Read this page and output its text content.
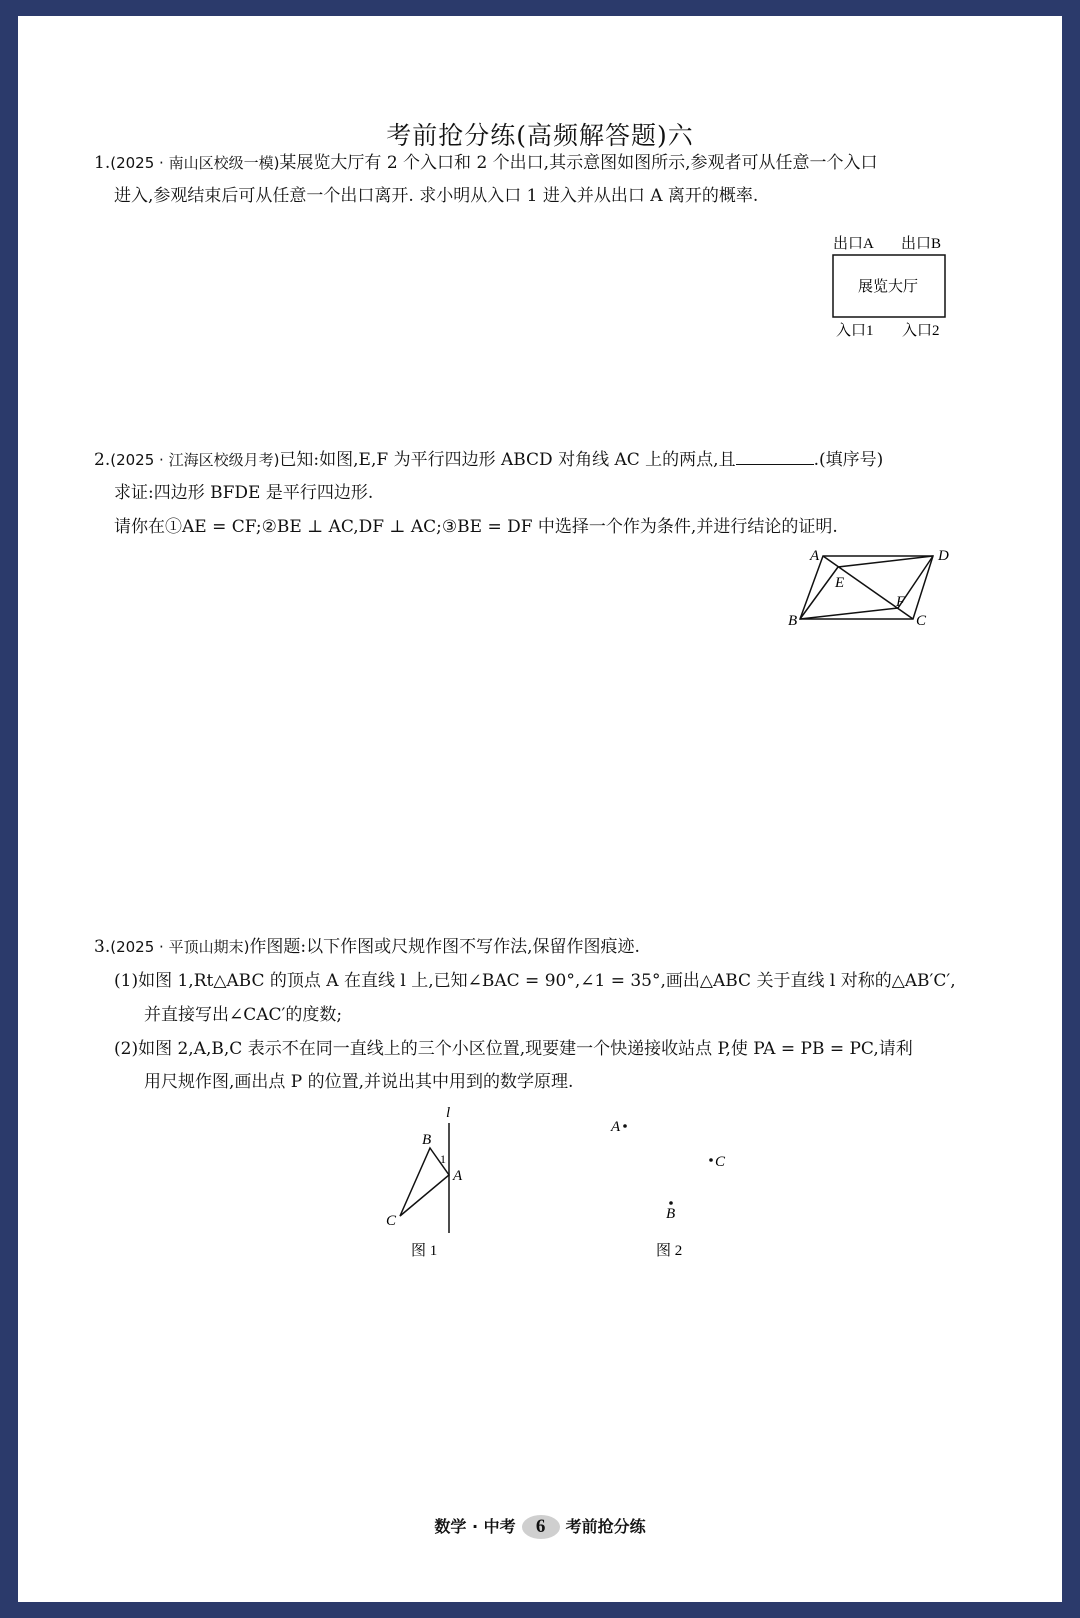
考前抢分练(高频解答题)六
1.(2025 · 南山区校级一模)某展览大厅有 2 个入口和 2 个出口,其示意图如图所示,参观者可从任意一个入口
进入,参观结束后可从任意一个出口离开. 求小明从入口 1 进入并从出口 A 离开的概率.
出口A 出口B
展览大厅
入口1 入口2
2.(2025 · 江海区校级月考)已知:如图,E,F 为平行四边形 ABCD 对角线 AC 上的两点,且	.(填序号)
求证:四边形 BFDE 是平行四边形.
请你在①AE = CF;②BE ⊥ AC,DF ⊥ AC;③BE = DF 中选择一个作为条件,并进行结论的证明.
A	D
E
F
B	C
3.(2025 · 平顶山期末)作图题:以下作图或尺规作图不写作法,保留作图痕迹.
(1)如图 1,Rt△ABC 的顶点 A 在直线 l 上,已知∠BAC = 90°,∠1 = 35°,画出△ABC 关于直线 l 对称的△AB′C′,
并直接写出∠CAC′的度数;
(2)如图 2,A,B,C 表示不在同一直线上的三个小区位置,现要建一个快递接收站点 P,使 PA = PB = PC,请利
用尺规作图,画出点 P 的位置,并说出其中用到的数学原理.
l
B
1
A
C
图 1
A
C
B
图 2
数学 · 中考 6 考前抢分练
